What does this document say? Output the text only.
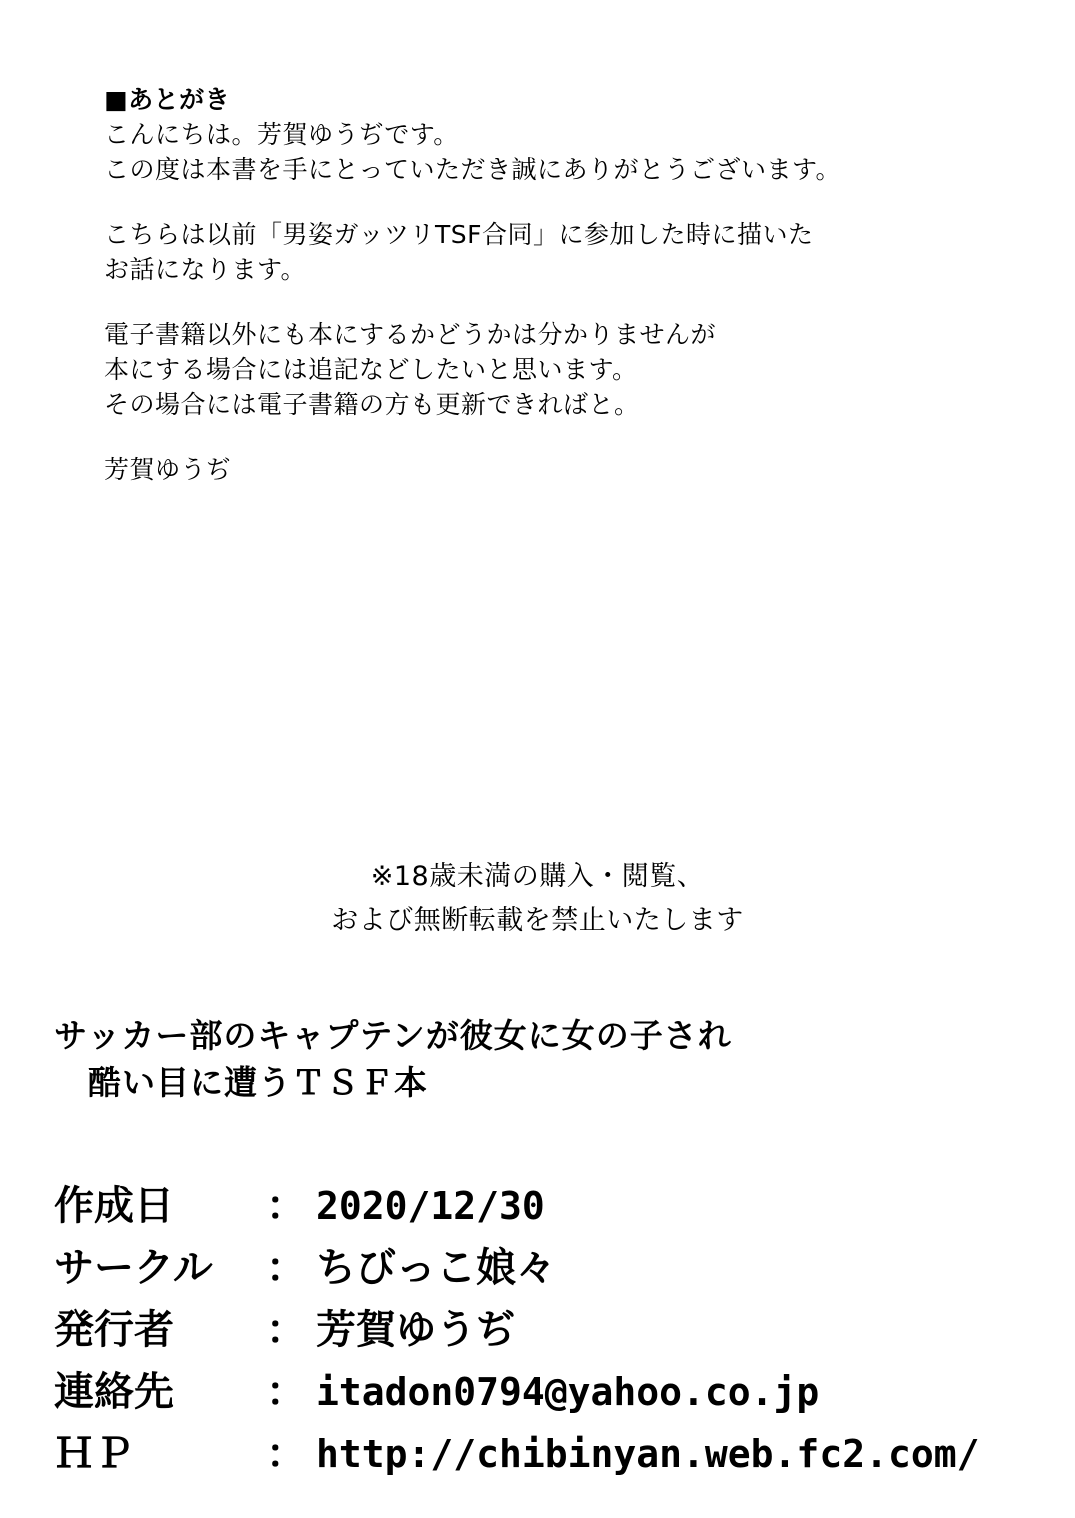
■あとがき
こんにちは。芳賀ゆうぢです。
この度は本書を手にとっていただき誠にありがとうございます。
こちらは以前「男姿ガッツリTSF合同」に参加した時に描いた
お話になります。
電子書籍以外にも本にするかどうかは分かりませんが
本にする場合には追記などしたいと思います。
その場合には電子書籍の方も更新できればと。
芳賀ゆうぢ
※18歳未満の購入・閲覧、
および無断転載を禁止いたします
サッカー部のキャプテンが彼女に女の子され
酷い目に遭うＴＳＦ本
作成日	： 2020/12/30
サークル	： ちびっこ娘々
発行者	： 芳賀ゆうぢ
連絡先	： itadon0794@yahoo.co.jp
ＨＰ	： http://chibinyan.web.fc2.com/
